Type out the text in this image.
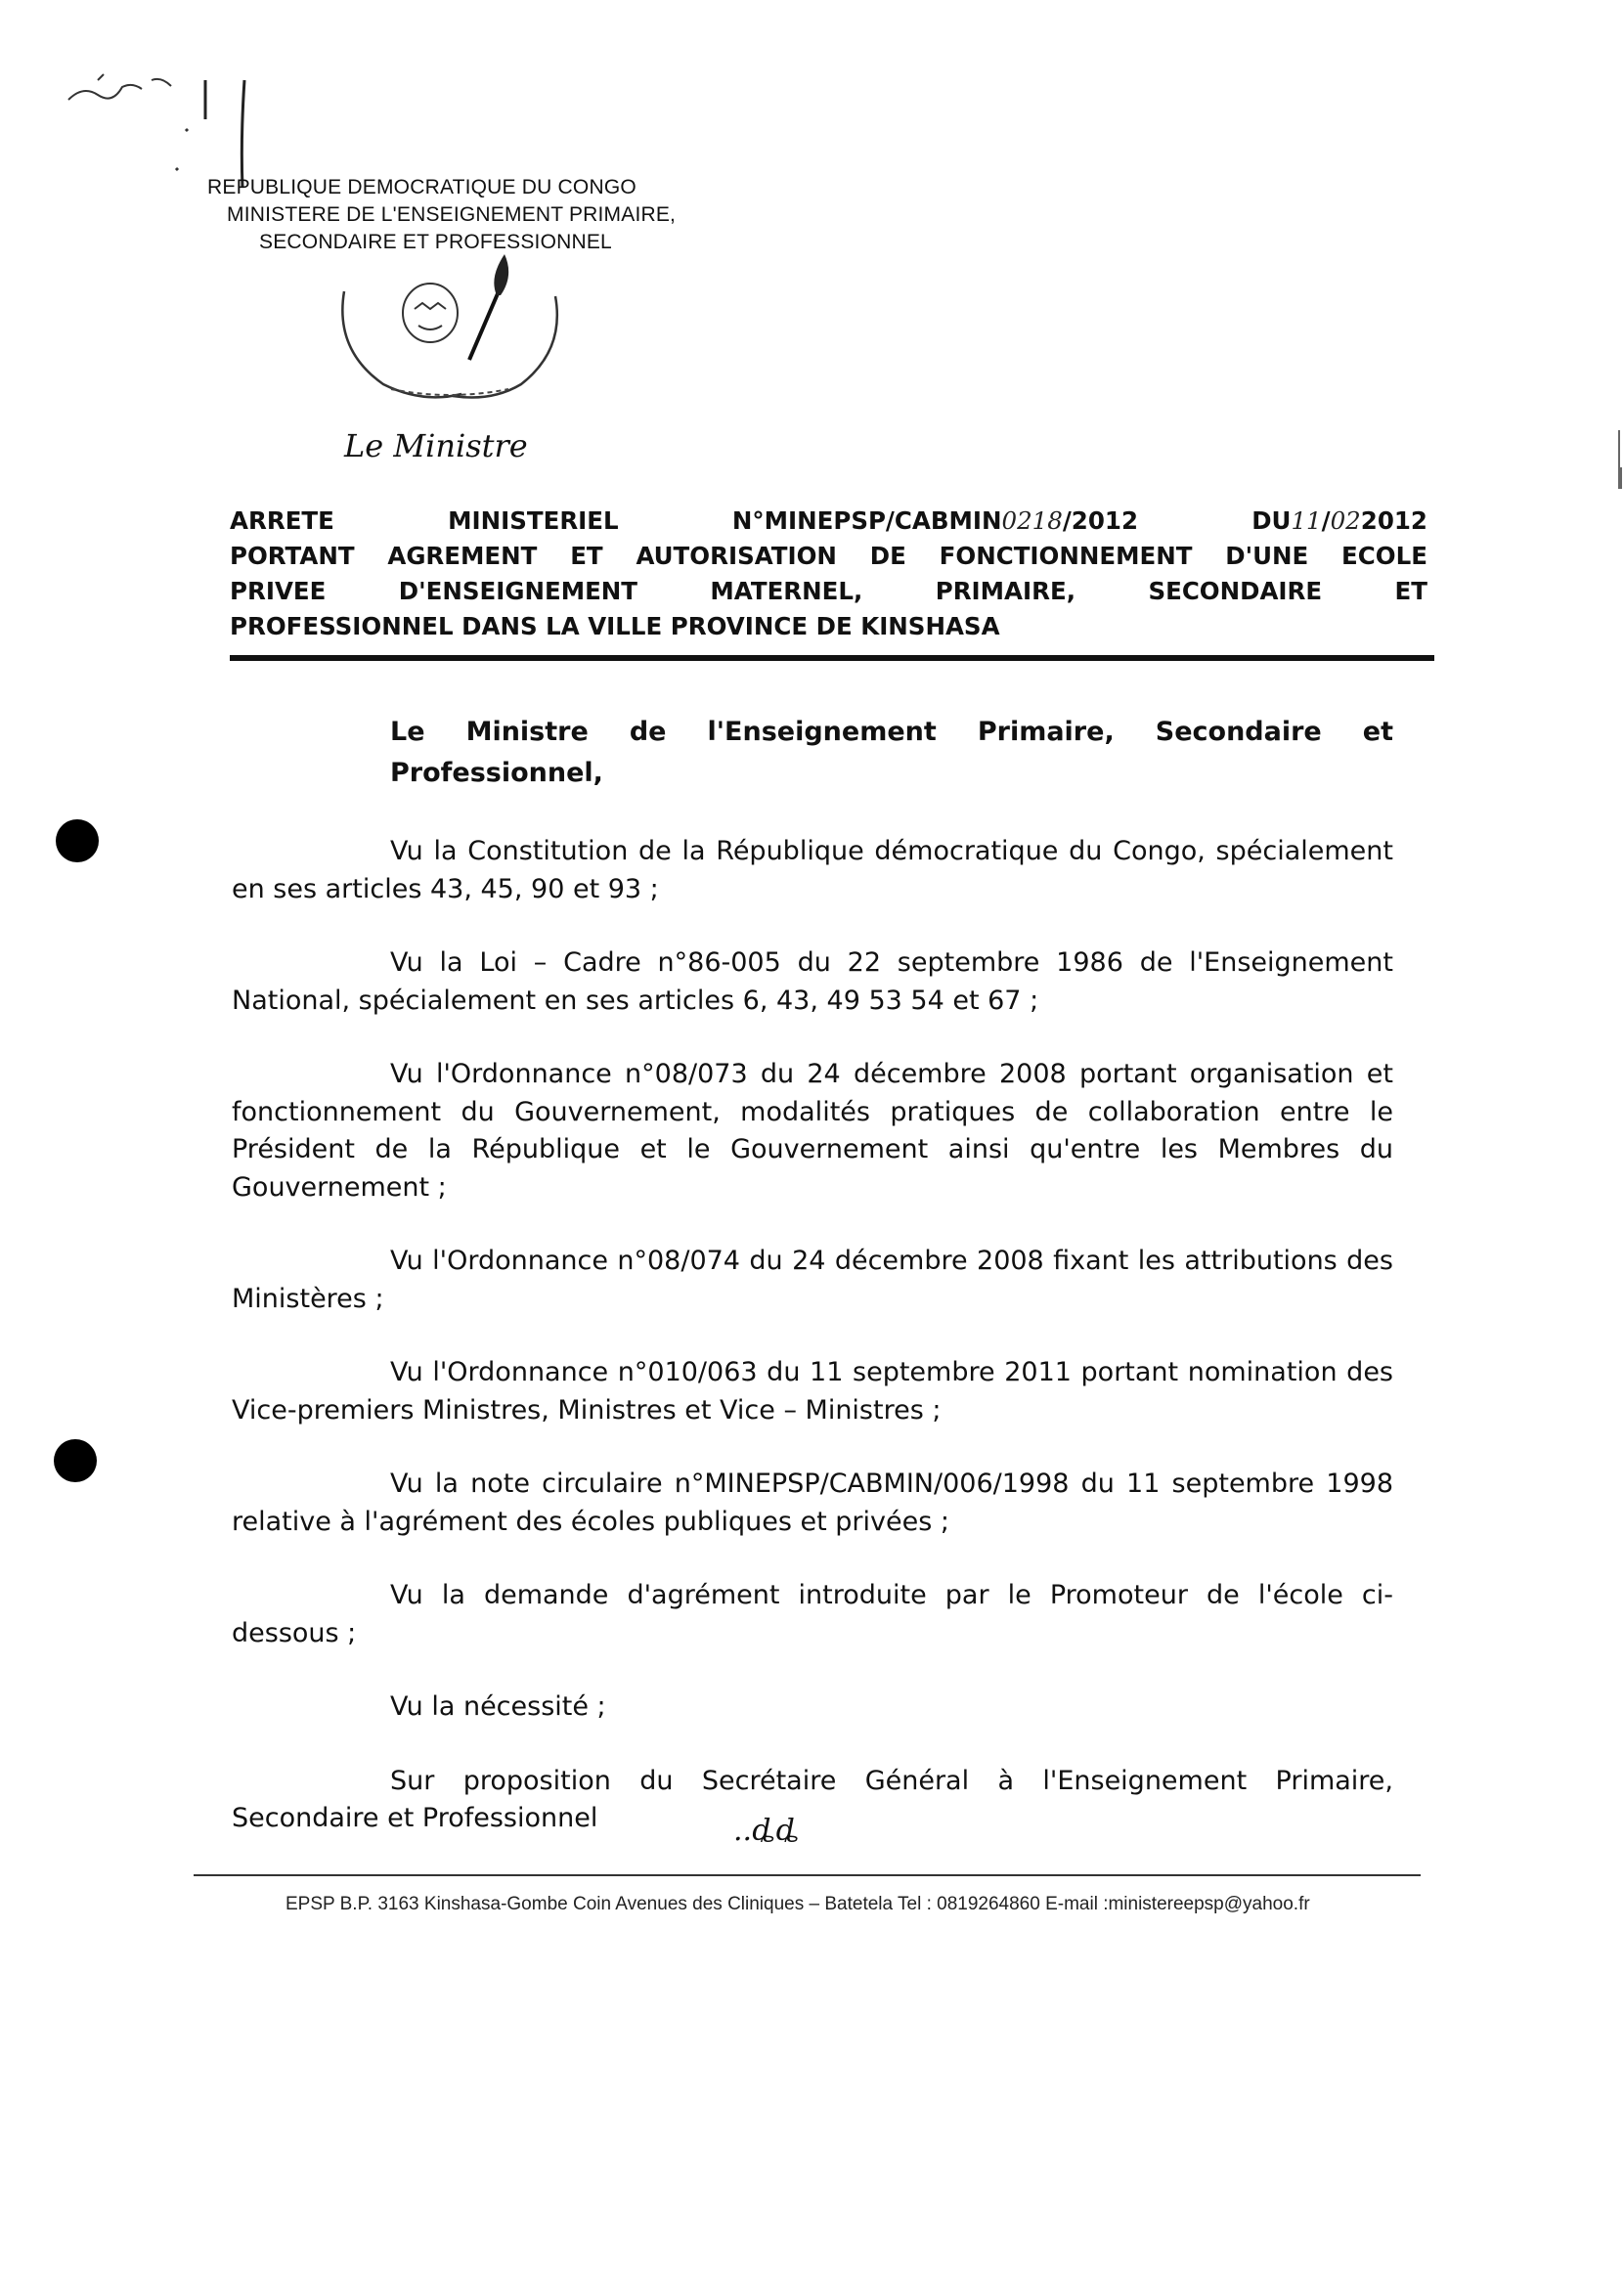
REPUBLIQUE DEMOCRATIQUE DU CONGO
MINISTERE DE L'ENSEIGNEMENT PRIMAIRE,
SECONDAIRE ET PROFESSIONNEL
Le Ministre
ARRETE	MINISTERIEL	N°MINEPSP/CABMIN0218/2012	DU11/022012
PORTANT AGREMENT ET AUTORISATION DE FONCTIONNEMENT D'UNE ECOLE
PRIVEE	D'ENSEIGNEMENT	MATERNEL,	PRIMAIRE,	SECONDAIRE	ET
PROFESSIONNEL DANS LA VILLE PROVINCE DE KINSHASA

Le Ministre de l'Enseignement Primaire, Secondaire et Professionnel,

Vu la Constitution de la République démocratique du Congo, spécialement en ses articles 43, 45, 90 et 93 ;

Vu la Loi – Cadre n°86-005 du 22 septembre 1986 de l'Enseignement National, spécialement en ses articles 6, 43, 49 53 54 et 67 ;

Vu l'Ordonnance n°08/073 du 24 décembre 2008 portant organisation et fonctionnement du Gouvernement, modalités pratiques de collaboration entre le Président de la République et le Gouvernement ainsi qu'entre les Membres du Gouvernement ;

Vu l'Ordonnance n°08/074 du 24 décembre 2008 fixant les attributions des Ministères ;

Vu l'Ordonnance n°010/063 du 11 septembre 2011 portant nomination des Vice-premiers Ministres, Ministres et Vice – Ministres ;

Vu la note circulaire n°MINEPSP/CABMIN/006/1998 du 11 septembre 1998 relative à l'agrément des écoles publiques et privées ;

Vu la demande d'agrément introduite par le Promoteur de l'école ci-dessous ;

Vu la nécessité ;

Sur proposition du Secrétaire Général à l'Enseignement Primaire, Secondaire et Professionnel	..ȡȡ
EPSP B.P. 3163 Kinshasa-Gombe Coin Avenues des Cliniques – Batetela Tel : 0819264860 E-mail :ministereepsp@yahoo.fr
